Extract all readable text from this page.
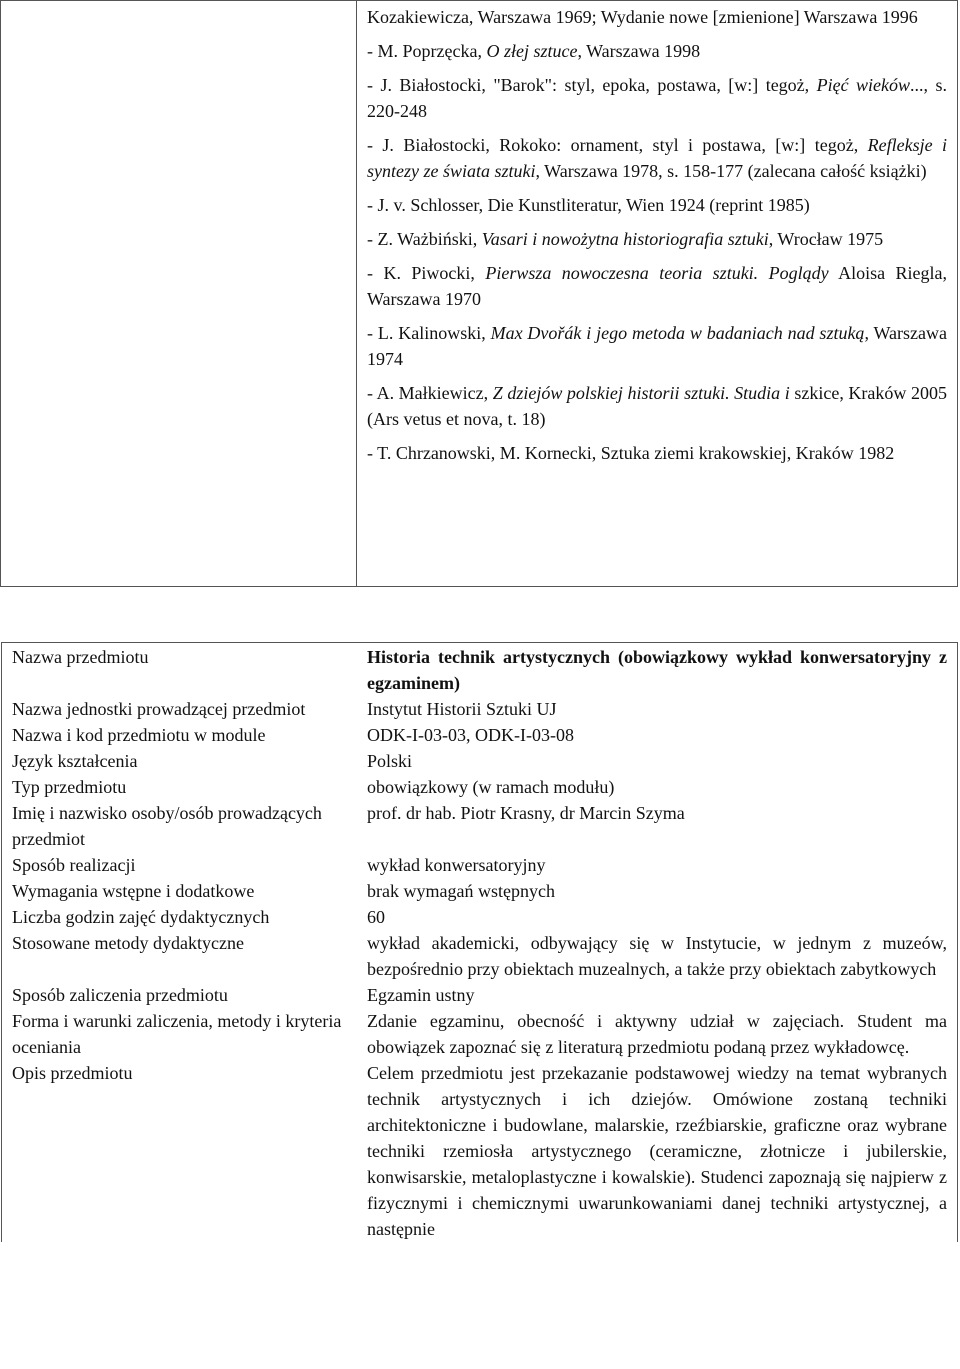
Kozakiewicza, Warszawa 1969; Wydanie nowe [zmienione] Warszawa 1996

- M. Poprzęcka, O złej sztuce, Warszawa 1998

- J. Białostocki, "Barok": styl, epoka, postawa, [w:] tegoż, Pięć wieków..., s. 220-248

- J. Białostocki, Rokoko: ornament, styl i postawa, [w:] tegoż, Refleksje i syntezy ze świata sztuki, Warszawa 1978, s. 158-177 (zalecana całość książki)

- J. v. Schlosser, Die Kunstliteratur, Wien 1924 (reprint 1985)

- Z. Ważbiński, Vasari i nowożytna historiografia sztuki, Wrocław 1975

- K. Piwocki, Pierwsza nowoczesna teoria sztuki. Poglądy Aloisa Riegla, Warszawa 1970

- L. Kalinowski, Max Dvořák i jego metoda w badaniach nad sztuką, Warszawa 1974

- A. Małkiewicz, Z dziejów polskiej historii sztuki. Studia i szkice, Kraków 2005 (Ars vetus et nova, t. 18)

- T. Chrzanowski, M. Kornecki, Sztuka ziemi krakowskiej, Kraków 1982

Nazwa przedmiotu	Historia technik artystycznych (obowiązkowy wykład konwersatoryjny z egzaminem)
Nazwa jednostki prowadzącej przedmiot	Instytut Historii Sztuki UJ
Nazwa i kod przedmiotu w module	ODK-I-03-03, ODK-I-03-08
Język kształcenia	Polski
Typ przedmiotu	obowiązkowy (w ramach modułu)
Imię i nazwisko osoby/osób prowadzących przedmiot	prof. dr hab. Piotr Krasny, dr Marcin Szyma
Sposób realizacji	wykład konwersatoryjny
Wymagania wstępne i dodatkowe	brak wymagań wstępnych
Liczba godzin zajęć dydaktycznych	60
Stosowane metody dydaktyczne	wykład akademicki, odbywający się w Instytucie, w jednym z muzeów, bezpośrednio przy obiektach muzealnych, a także przy obiektach zabytkowych
Sposób zaliczenia przedmiotu	Egzamin ustny
Forma i warunki zaliczenia, metody i kryteria oceniania	Zdanie egzaminu, obecność i aktywny udział w zajęciach. Student ma obowiązek zapoznać się z literaturą przedmiotu podaną przez wykładowcę.
Opis przedmiotu	Celem przedmiotu jest przekazanie podstawowej wiedzy na temat wybranych technik artystycznych i ich dziejów. Omówione zostaną techniki architektoniczne i budowlane, malarskie, rzeźbiarskie, graficzne oraz wybrane techniki rzemiosła artystycznego (ceramiczne, złotnicze i jubilerskie, konwisarskie, metaloplastyczne i kowalskie). Studenci zapoznają się najpierw z fizycznymi i chemicznymi uwarunkowaniami danej techniki artystycznej, a następnie
